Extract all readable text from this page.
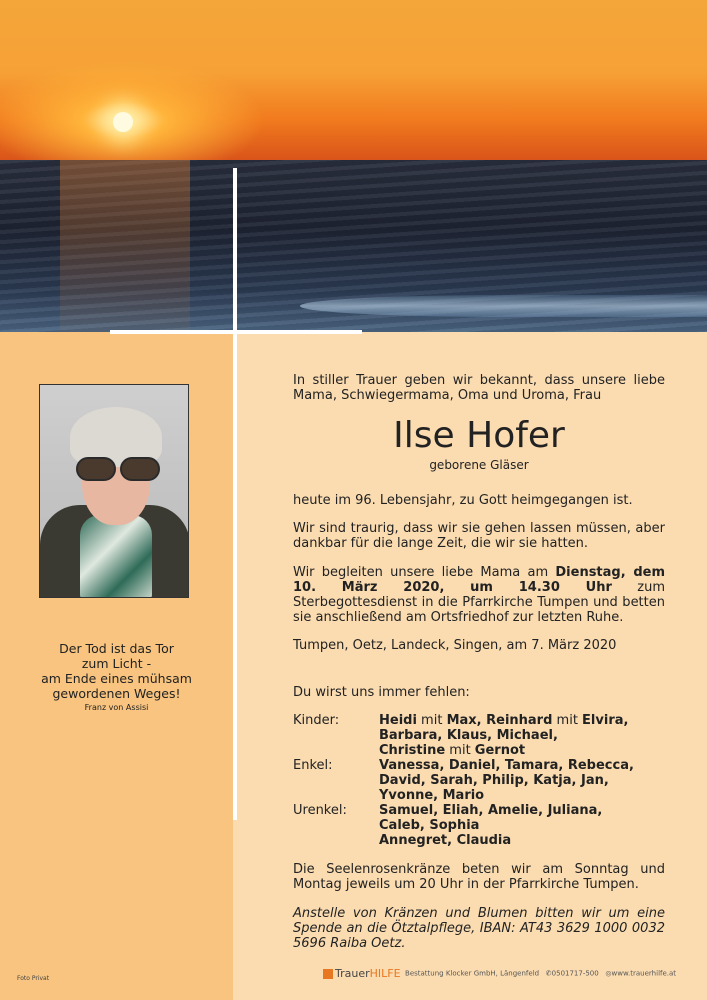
Der Tod ist das Tor
zum Licht -
am Ende eines mühsam
gewordenen Weges!
Franz von Assisi
Foto Privat
In stiller Trauer geben wir bekannt, dass unsere liebe Mama, Schwiegermama, Oma und Uroma, Frau
Ilse Hofer
geborene Gläser
heute im 96. Lebensjahr, zu Gott heimgegangen ist.
Wir sind traurig, dass wir sie gehen lassen müssen, aber dankbar für die lange Zeit, die wir sie hatten.
Wir begleiten unsere liebe Mama am Dienstag, dem 10. März 2020, um 14.30 Uhr zum Sterbegottesdienst in die Pfarrkirche Tumpen und betten sie anschließend am Ortsfriedhof zur letzten Ruhe.
Tumpen, Oetz, Landeck, Singen, am 7. März 2020
Du wirst uns immer fehlen:
Kinder:	Heidi mit Max, Reinhard mit Elvira,
Barbara, Klaus, Michael,
Christine mit Gernot
Enkel:	Vanessa, Daniel, Tamara, Rebecca,
David, Sarah, Philip, Katja, Jan,
Yvonne, Mario
Urenkel: Samuel, Eliah, Amelie, Juliana,
Caleb, Sophia
Annegret, Claudia
Die Seelenrosenkränze beten wir am Sonntag und Montag jeweils um 20 Uhr in der Pfarrkirche Tumpen.
Anstelle von Kränzen und Blumen bitten wir um eine Spende an die Ötztalpflege, IBAN: AT43 3629 1000 0032 5696 Raiba Oetz.
TrauerHILFE Bestattung Klocker GmbH, Längenfeld ✆0501717-500 ◎www.trauerhilfe.at
